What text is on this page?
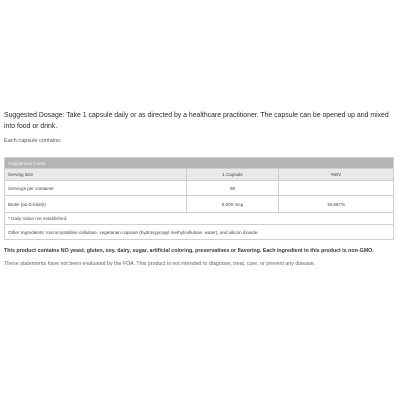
Suggested Dosage: Take 1 capsule daily or as directed by a healthcare practitioner. The capsule can be opened up and mixed into food or drink.

Each capsule contains:

Supplement Facts		
Serving size	1 Capsule	%DV
Servings per container	90	
Biotin (as D-biotin)	5,000 mcg	16,667%
* Daily Value not established.		
Other Ingredients: microcrystalline cellulose, vegetarian capsule (hydroxypropyl methylcellulose, water), and silicon dioxide.		

This product contains NO yeast, gluten, soy, dairy, sugar, artificial coloring, preservatives or flavoring. Each ingredient in this product is non-GMO.

These statements have not been evaluated by the FDA. This product is not intended to diagnose, treat, cure, or prevent any disease.
